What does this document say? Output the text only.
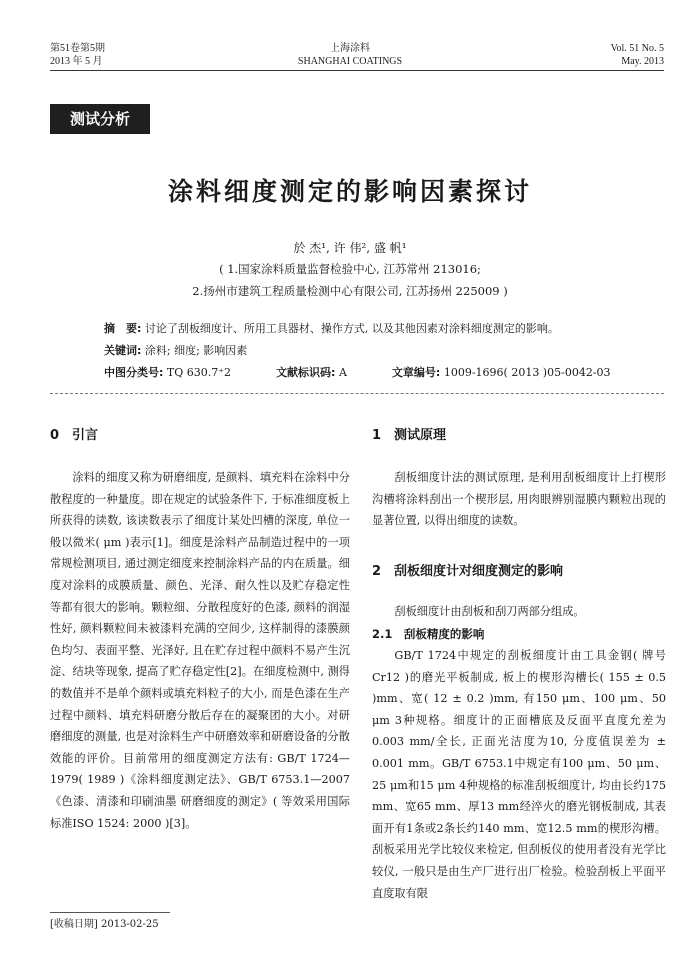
第51卷第5期
2013 年 5 月
上海涂料
SHANGHAI COATINGS
Vol. 51 No. 5
May. 2013
测试分析
涂料细度测定的影响因素探讨
於 杰¹, 许 伟², 盛 帆¹
( 1.国家涂料质量监督检验中心, 江苏常州 213016;
2.扬州市建筑工程质量检测中心有限公司, 江苏扬州 225009 )
摘　要: 讨论了刮板细度计、所用工具器材、操作方式, 以及其他因素对涂料细度测定的影响。
关键词: 涂料; 细度; 影响因素
中图分类号: TQ 630.7⁺2	文献标识码: A	文章编号: 1009-1696( 2013 )05-0042-03
0　引言

涂料的细度又称为研磨细度, 是颜料、填充料在涂料中分散程度的一种量度。即在规定的试验条件下, 于标准细度板上所获得的读数, 该读数表示了细度计某处凹槽的深度, 单位一般以微米( μm )表示[1]。细度是涂料产品制造过程中的一项常规检测项目, 通过测定细度来控制涂料产品的内在质量。细度对涂料的成膜质量、颜色、光泽、耐久性以及贮存稳定性等都有很大的影响。颗粒细、分散程度好的色漆, 颜料的润湿性好, 颜料颗粒间未被漆料充满的空间少, 这样制得的漆膜颜色均匀、表面平整、光泽好, 且在贮存过程中颜料不易产生沉淀、结块等现象, 提高了贮存稳定性[2]。在细度检测中, 测得的数值并不是单个颜料或填充料粒子的大小, 而是色漆在生产过程中颜料、填充料研磨分散后存在的凝聚团的大小。对研磨细度的测量, 也是对涂料生产中研磨效率和研磨设备的分散效能的评价。目前常用的细度测定方法有: GB/T 1724—1979( 1989 )《涂料细度测定法》、GB/T 6753.1—2007《色漆、清漆和印刷油墨 研磨细度的测定》( 等效采用国际标准ISO 1524: 2000 )[3]。

1　测试原理

刮板细度计法的测试原理, 是利用刮板细度计上打楔形沟槽将涂料刮出一个楔形层, 用肉眼辨别湿膜内颗粒出现的显著位置, 以得出细度的读数。

2　刮板细度计对细度测定的影响

刮板细度计由刮板和刮刀两部分组成。

2.1　刮板精度的影响

GB/T 1724中规定的刮板细度计由工具金钢( 牌号Cr12 )的磨光平板制成, 板上的楔形沟槽长( 155 ± 0.5 )mm、宽( 12 ± 0.2 )mm, 有150 μm、100 μm、50 μm 3种规格。细度计的正面槽底及反面平直度允差为0.003 mm/全长, 正面光洁度为10, 分度值误差为 ± 0.001 mm。GB/T 6753.1中规定有100 μm、50 μm、25 μm和15 μm 4种规格的标准刮板细度计, 均由长约175 mm、宽65 mm、厚13 mm经淬火的磨光钢板制成, 其表面开有1条或2条长约140 mm、宽12.5 mm的楔形沟槽。刮板采用光学比较仪来检定, 但刮板仪的使用者没有光学比较仪, 一般只是由生产厂进行出厂检验。检验刮板上平面平直度取有限

[收稿日期] 2013-02-25
